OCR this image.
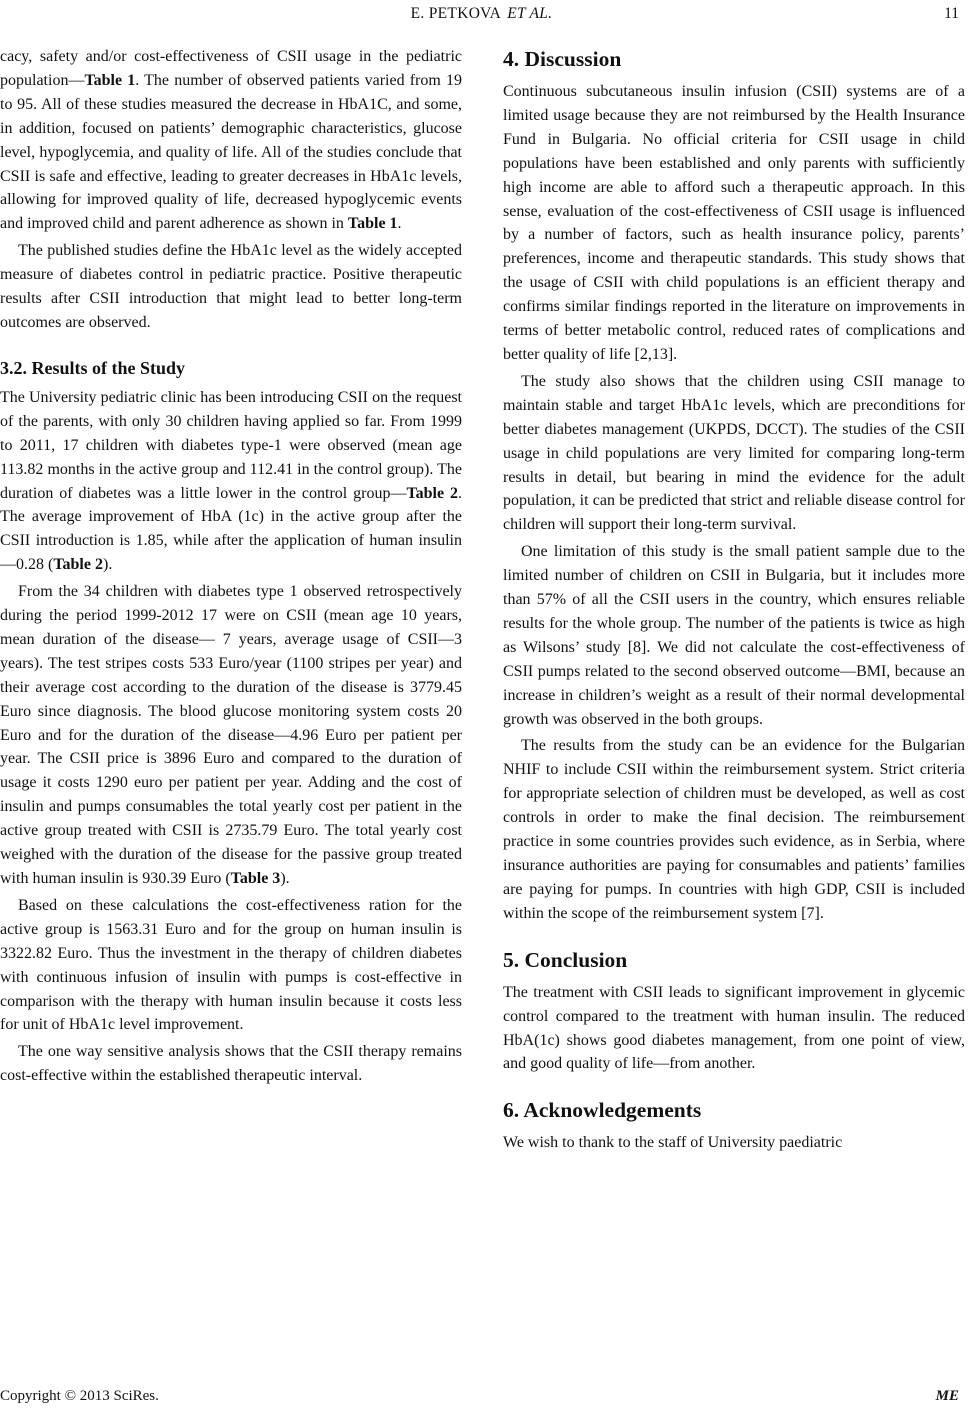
E. PETKOVA ET AL.	11

cacy, safety and/or cost-effectiveness of CSII usage in the pediatric population—Table 1. The number of observed patients varied from 19 to 95. All of these studies measured the decrease in HbA1C, and some, in addition, focused on patients’ demographic characteristics, glucose level, hypoglycemia, and quality of life. All of the studies conclude that CSII is safe and effective, leading to greater decreases in HbA1c levels, allowing for improved quality of life, decreased hypoglycemic events and improved child and parent adherence as shown in Table 1.

The published studies define the HbA1c level as the widely accepted measure of diabetes control in pediatric practice. Positive therapeutic results after CSII introduction that might lead to better long-term outcomes are observed.

3.2. Results of the Study

The University pediatric clinic has been introducing CSII on the request of the parents, with only 30 children having applied so far. From 1999 to 2011, 17 children with diabetes type-1 were observed (mean age 113.82 months in the active group and 112.41 in the control group). The duration of diabetes was a little lower in the control group—Table 2. The average improvement of HbA (1c) in the active group after the CSII introduction is 1.85, while after the application of human insulin—0.28 (Table 2).

From the 34 children with diabetes type 1 observed retrospectively during the period 1999-2012 17 were on CSII (mean age 10 years, mean duration of the disease— 7 years, average usage of CSII—3 years). The test stripes costs 533 Euro/year (1100 stripes per year) and their average cost according to the duration of the disease is 3779.45 Euro since diagnosis. The blood glucose monitoring system costs 20 Euro and for the duration of the disease—4.96 Euro per patient per year. The CSII price is 3896 Euro and compared to the duration of usage it costs 1290 euro per patient per year. Adding and the cost of insulin and pumps consumables the total yearly cost per patient in the active group treated with CSII is 2735.79 Euro. The total yearly cost weighed with the duration of the disease for the passive group treated with human insulin is 930.39 Euro (Table 3).

Based on these calculations the cost-effectiveness ration for the active group is 1563.31 Euro and for the group on human insulin is 3322.82 Euro. Thus the investment in the therapy of children diabetes with continuous infusion of insulin with pumps is cost-effective in comparison with the therapy with human insulin because it costs less for unit of HbA1c level improvement.

The one way sensitive analysis shows that the CSII therapy remains cost-effective within the established therapeutic interval.

4. Discussion

Continuous subcutaneous insulin infusion (CSII) systems are of a limited usage because they are not reimbursed by the Health Insurance Fund in Bulgaria. No official criteria for CSII usage in child populations have been established and only parents with sufficiently high income are able to afford such a therapeutic approach. In this sense, evaluation of the cost-effectiveness of CSII usage is influenced by a number of factors, such as health insurance policy, parents’ preferences, income and therapeutic standards. This study shows that the usage of CSII with child populations is an efficient therapy and confirms similar findings reported in the literature on improvements in terms of better metabolic control, reduced rates of complications and better quality of life [2,13].

The study also shows that the children using CSII manage to maintain stable and target HbA1c levels, which are preconditions for better diabetes management (UKPDS, DCCT). The studies of the CSII usage in child populations are very limited for comparing long-term results in detail, but bearing in mind the evidence for the adult population, it can be predicted that strict and reliable disease control for children will support their long-term survival.

One limitation of this study is the small patient sample due to the limited number of children on CSII in Bulgaria, but it includes more than 57% of all the CSII users in the country, which ensures reliable results for the whole group. The number of the patients is twice as high as Wilsons’ study [8]. We did not calculate the cost-effectiveness of CSII pumps related to the second observed outcome—BMI, because an increase in children’s weight as a result of their normal developmental growth was observed in the both groups.

The results from the study can be an evidence for the Bulgarian NHIF to include CSII within the reimbursement system. Strict criteria for appropriate selection of children must be developed, as well as cost controls in order to make the final decision. The reimbursement practice in some countries provides such evidence, as in Serbia, where insurance authorities are paying for consumables and patients’ families are paying for pumps. In countries with high GDP, CSII is included within the scope of the reimbursement system [7].

5. Conclusion

The treatment with CSII leads to significant improvement in glycemic control compared to the treatment with human insulin. The reduced HbA(1c) shows good diabetes management, from one point of view, and good quality of life—from another.

6. Acknowledgements

We wish to thank to the staff of University paediatric

Copyright © 2013 SciRes.	ME
